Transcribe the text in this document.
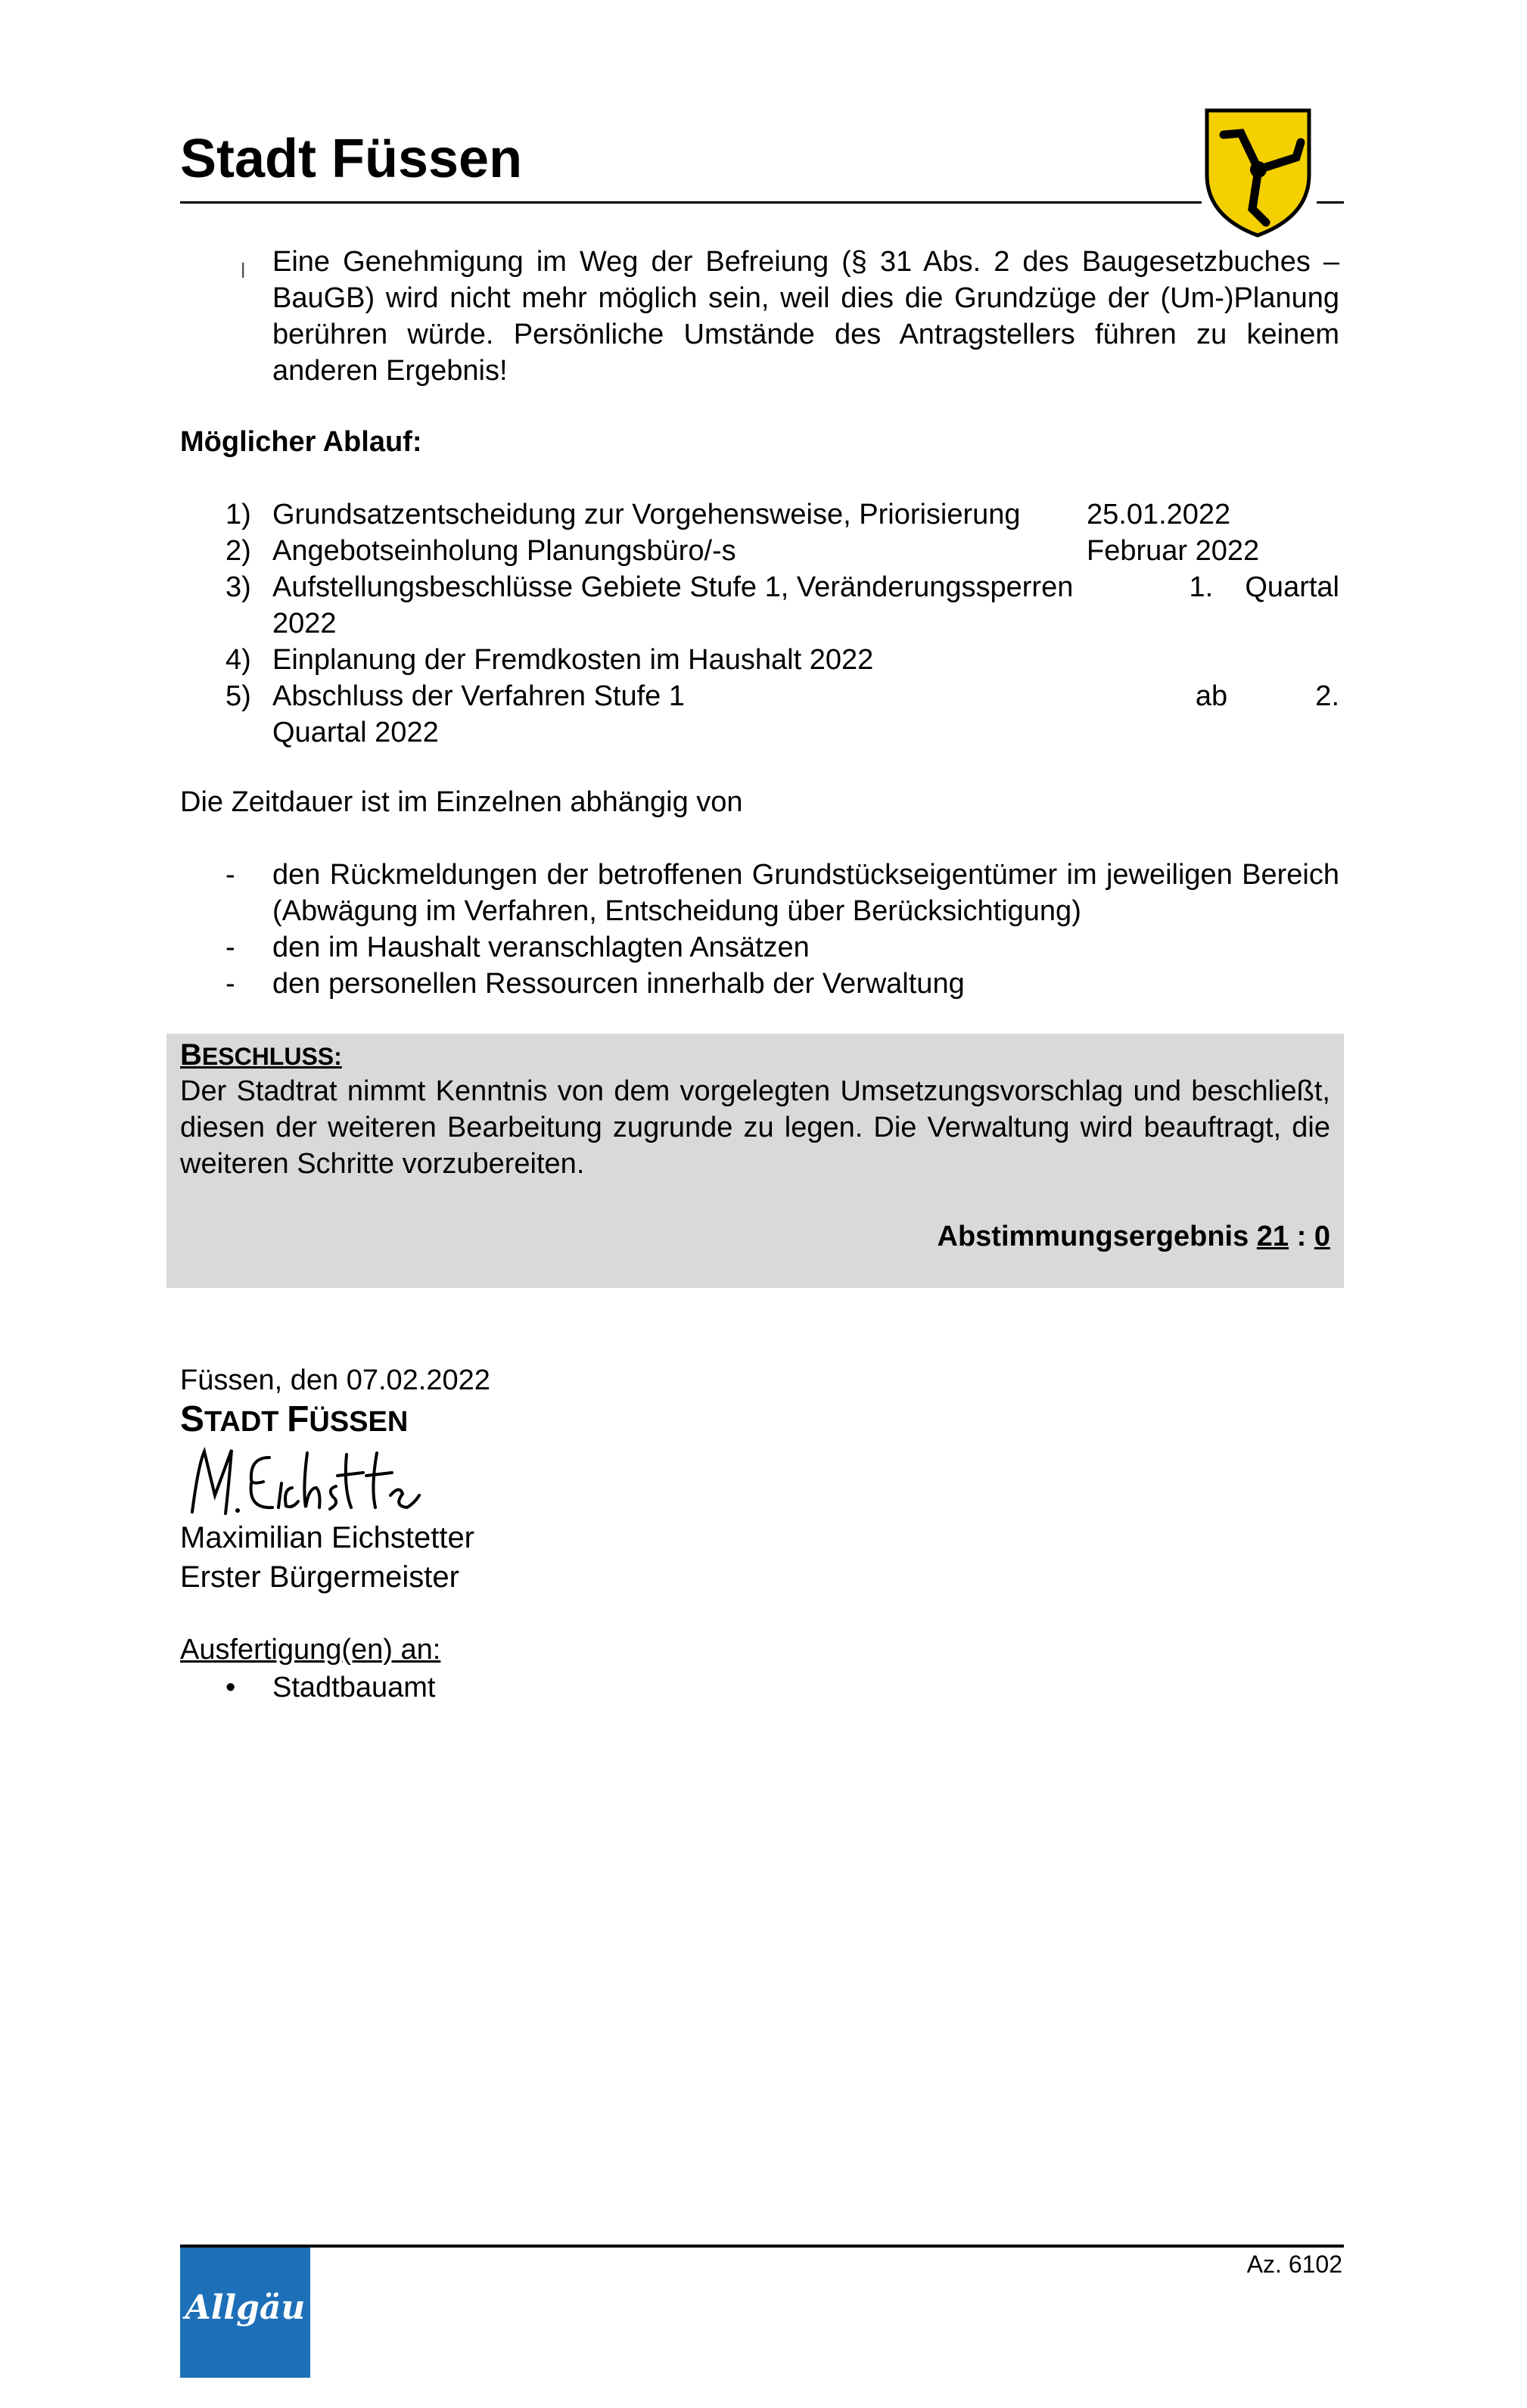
Stadt Füssen
l Eine Genehmigung im Weg der Befreiung (§ 31 Abs. 2 des Baugesetzbuches – BauGB) wird nicht mehr möglich sein, weil dies die Grundzüge der (Um-)Planung berühren würde. Persönliche Umstände des Antragstellers führen zu keinem anderen Ergebnis!
Möglicher Ablauf:
1) Grundsatzentscheidung zur Vorgehensweise, Priorisierung	25.01.2022
2) Angebotseinholung Planungsbüro/-s	Februar 2022
3) Aufstellungsbeschlüsse Gebiete Stufe 1, Veränderungssperren	1.    Quartal
2022
4) Einplanung der Fremdkosten im Haushalt 2022
5) Abschluss der Verfahren Stufe 1	ab           2.
Quartal 2022
Die Zeitdauer ist im Einzelnen abhängig von
-	den Rückmeldungen der betroffenen Grundstückseigentümer im jeweiligen Bereich (Abwägung im Verfahren, Entscheidung über Berücksichtigung)
-	den im Haushalt veranschlagten Ansätzen
-	den personellen Ressourcen innerhalb der Verwaltung
BESCHLUSS:
Der Stadtrat nimmt Kenntnis von dem vorgelegten Umsetzungsvorschlag und beschließt, diesen der weiteren Bearbeitung zugrunde zu legen. Die Verwaltung wird beauftragt, die weiteren Schritte vorzubereiten.
Abstimmungsergebnis 21 : 0
Füssen, den 07.02.2022
STADT FÜSSEN
Maximilian Eichstetter
Erster Bürgermeister
Ausfertigung(en) an:
• Stadtbauamt
Az. 6102
Allgäu
